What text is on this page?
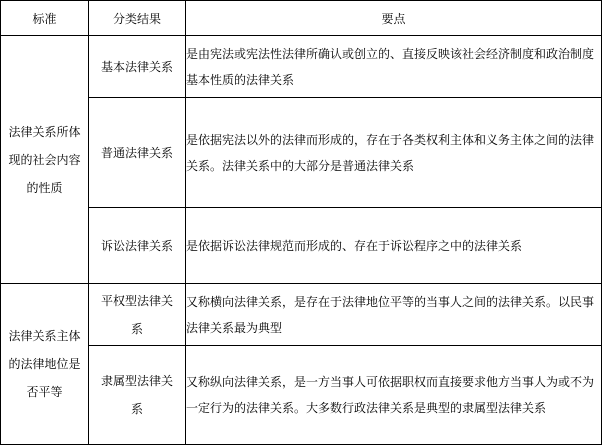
标准	分类结果	要点
法律关系所体现的社会内容的性质	基本法律关系	是由宪法或宪法性法律所确认或创立的、直接反映该社会经济制度和政治制度基本性质的法律关系
	普通法律关系	是依据宪法以外的法律而形成的，存在于各类权利主体和义务主体之间的法律关系。法律关系中的大部分是普通法律关系
	诉讼法律关系	是依据诉讼法律规范而形成的、存在于诉讼程序之中的法律关系
法律关系主体的法律地位是否平等	平权型法律关系	又称横向法律关系，是存在于法律地位平等的当事人之间的法律关系。以民事法律关系最为典型
	隶属型法律关系	又称纵向法律关系，是一方当事人可依据职权而直接要求他方当事人为或不为一定行为的法律关系。大多数行政法律关系是典型的隶属型法律关系
